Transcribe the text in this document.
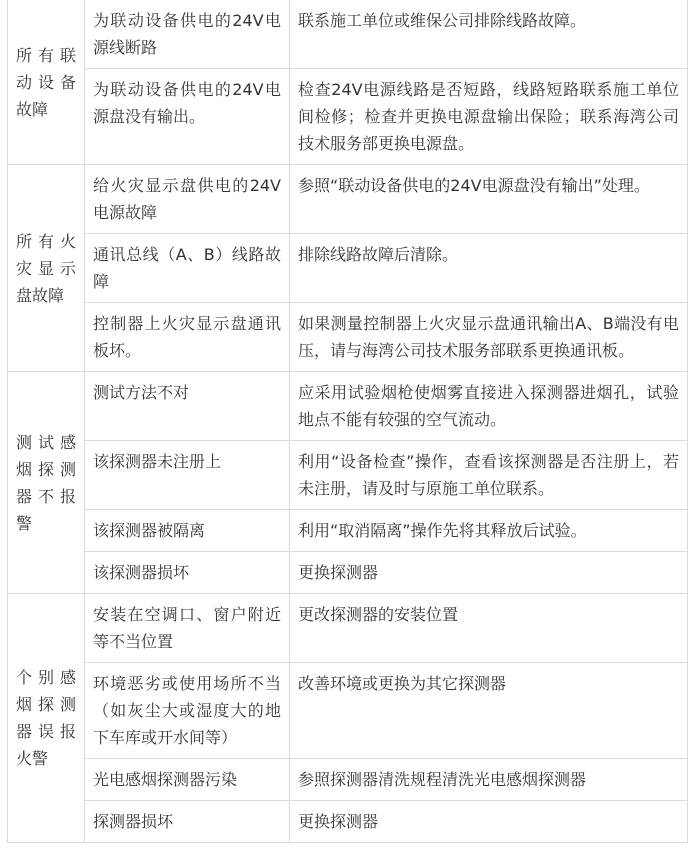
所有联动设备故障	为联动设备供电的24V电源线断路	联系施工单位或维保公司排除线路故障。
	为联动设备供电的24V电源盘没有输出。	检查24V电源线路是否短路，线路短路联系施工单位间检修；检查并更换电源盘输出保险；联系海湾公司技术服务部更换电源盘。
所有火灾显示盘故障	给火灾显示盘供电的24V电源故障	参照“联动设备供电的24V电源盘没有输出”处理。
	通讯总线（A、B）线路故障	排除线路故障后清除。
	控制器上火灾显示盘通讯板坏。	如果测量控制器上火灾显示盘通讯输出A、B端没有电压，请与海湾公司技术服务部联系更换通讯板。
测试感烟探测器不报警	测试方法不对	应采用试验烟枪使烟雾直接进入探测器进烟孔，试验地点不能有较强的空气流动。
	该探测器未注册上	利用“设备检查”操作，查看该探测器是否注册上，若未注册，请及时与原施工单位联系。
	该探测器被隔离	利用“取消隔离”操作先将其释放后试验。
	该探测器损坏	更换探测器
个别感烟探测器误报火警	安装在空调口、窗户附近等不当位置	更改探测器的安装位置
	环境恶劣或使用场所不当（如灰尘大或湿度大的地下车库或开水间等）	改善环境或更换为其它探测器
	光电感烟探测器污染	参照探测器清洗规程清洗光电感烟探测器
	探测器损坏	更换探测器
